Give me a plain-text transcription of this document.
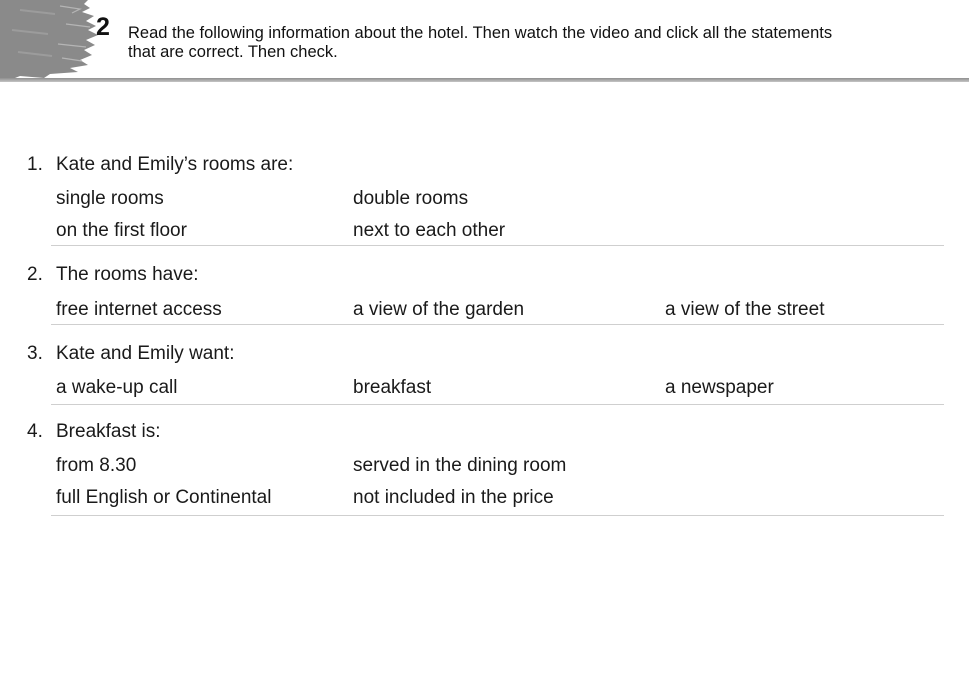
2 Read the following information about the hotel. Then watch the video and click all the statements
that are correct. Then check.
1. Kate and Emily’s rooms are:
single rooms	double rooms
on the first floor	next to each other
2. The rooms have:
free internet access	a view of the garden	a view of the street
3. Kate and Emily want:
a wake-up call	breakfast	a newspaper
4. Breakfast is:
from 8.30	served in the dining room
full English or Continental	not included in the price
